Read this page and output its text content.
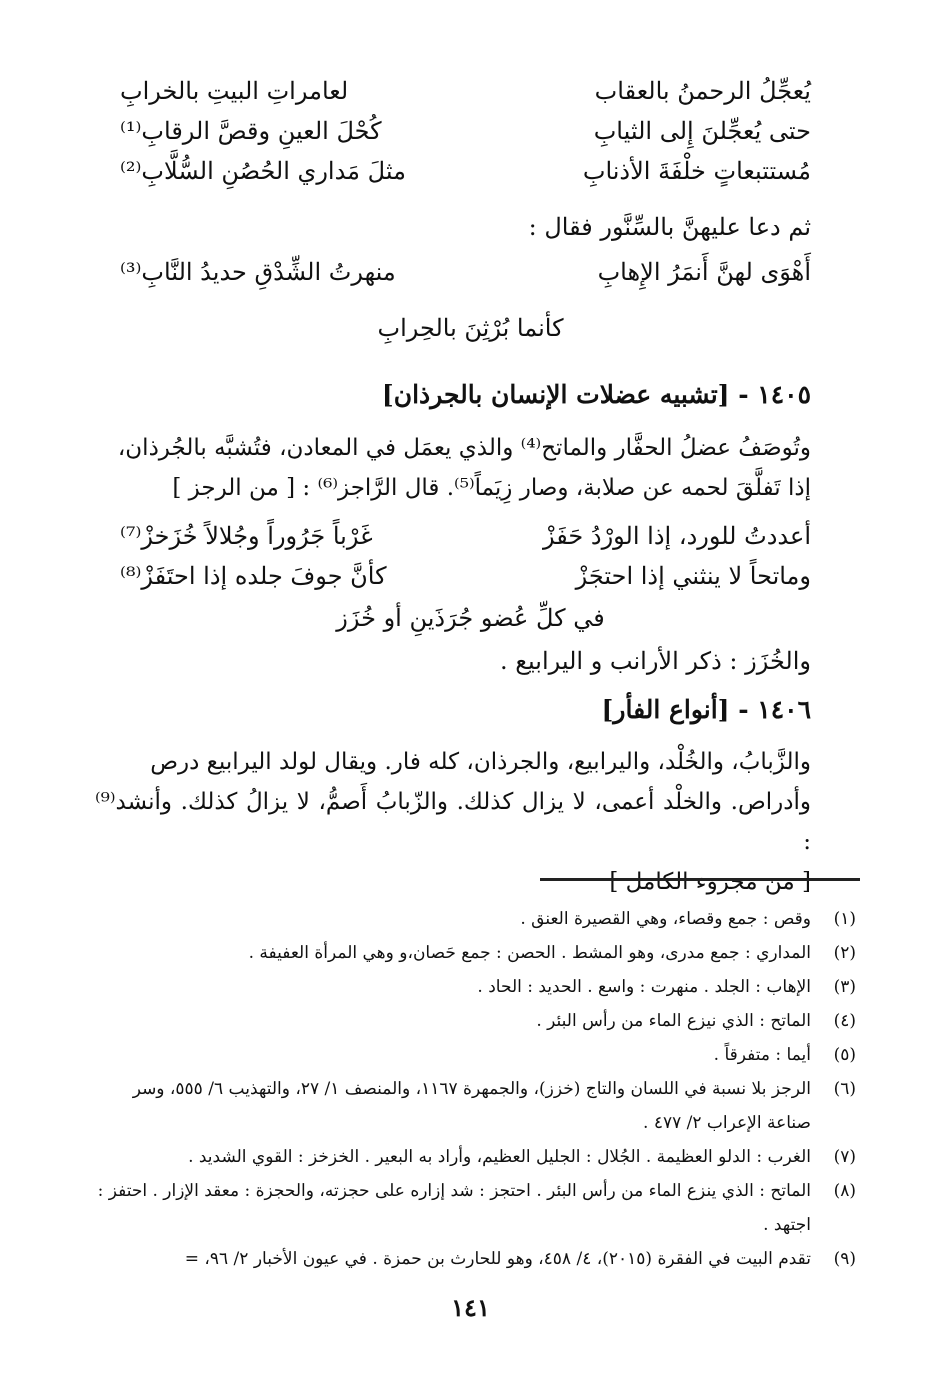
يُعجِّلُ الرحمنُ بالعقاب
لعامراتِ البيتِ بالخرابِ
حتى يُعجِّلنَ إِلى الثيابِ
كُحْلَ العينِ وقصَّ الرقابِ⁽¹⁾
مُستتبعاتٍ خلْفَةَ الأذنابِ
مثلَ مَداري الحُصُنِ السُّلَّابِ⁽²⁾
ثم دعا عليهنَّ بالسِّنَّور فقال :
أَهْوَى لهنَّ أَنمَرُ الإِهابِ
منهرتُ الشِّدْقِ حديدُ النَّابِ⁽³⁾
كأنما بُرْثِنَ بالحِرابِ
١٤٠٥ - [تشبيه عضلات الإنسان بالجرذان]

وتُوصَفُ عضلُ الحفَّار والماتح⁽⁴⁾ والذي يعمَل في المعادن، فتُشبَّه بالجُرذان،

إذا تَفلَّقَ لحمه عن صلابة، وصار زِيَماً⁽⁵⁾. قال الرَّاجز⁽⁶⁾ : [ من الرجز ]

أعددتُ للورد، إذا الورْدُ حَفَزْ
غَرْباً جَرُوراً وجُلالاً خُزَخزْ⁽⁷⁾
وماتحاً لا ينثني إذا احتجَزْ
كأنَّ جوفَ جلده إذا احتَفَزْ⁽⁸⁾
في كلِّ عُضو جُرَذَينِ أو خُزَز
والخُزَز : ذكر الأرانب و اليرابيع .
١٤٠٦ - [أنواع الفأر]

والزَّبابُ، والخُلْد، واليرابيع، والجرذان، كله فار. ويقال لولد اليرابيع درص

وأدراص. والخلْد أعمى، لا يزال كذلك. والزّبابُ أَصمُّ، لا يزالُ كذلك. وأنشد⁽⁹⁾ :

[ من مجزوء الكامل ]

(١)
وقص : جمع وقصاء، وهي القصيرة العنق .
(٢)
المداري : جمع مدرى، وهو المشط . الحصن : جمع حَصان،و وهي المرأة العفيفة .
(٣)
الإهاب : الجلد . منهرت : واسع . الحديد : الحاد .
(٤)
الماتح : الذي نيزع الماء من رأس البئر .
(٥)
أيما : متفرقاً .
(٦)
الرجز بلا نسبة في اللسان والتاج (خزز)، والجمهرة ١١٦٧، والمنصف ١/ ٢٧، والتهذيب ٦/ ٥٥٥، وسر صناعة الإعراب ٢/ ٤٧٧ .
(٧)
الغرب : الدلو العظيمة . الجُلال : الجليل العظيم، وأراد به البعير . الخزخز : القوي الشديد .
(٨)
الماتح : الذي ينزع الماء من رأس البئر . احتجز : شد إزاره على حجزته، والحجزة : معقد الإزار . احتفز : اجتهد .
(٩)
تقدم البيت في الفقرة (٢٠١٥)، ٤/ ٤٥٨، وهو للحارث بن حمزة . في عيون الأخبار ٢/ ٩٦، =
١٤١
